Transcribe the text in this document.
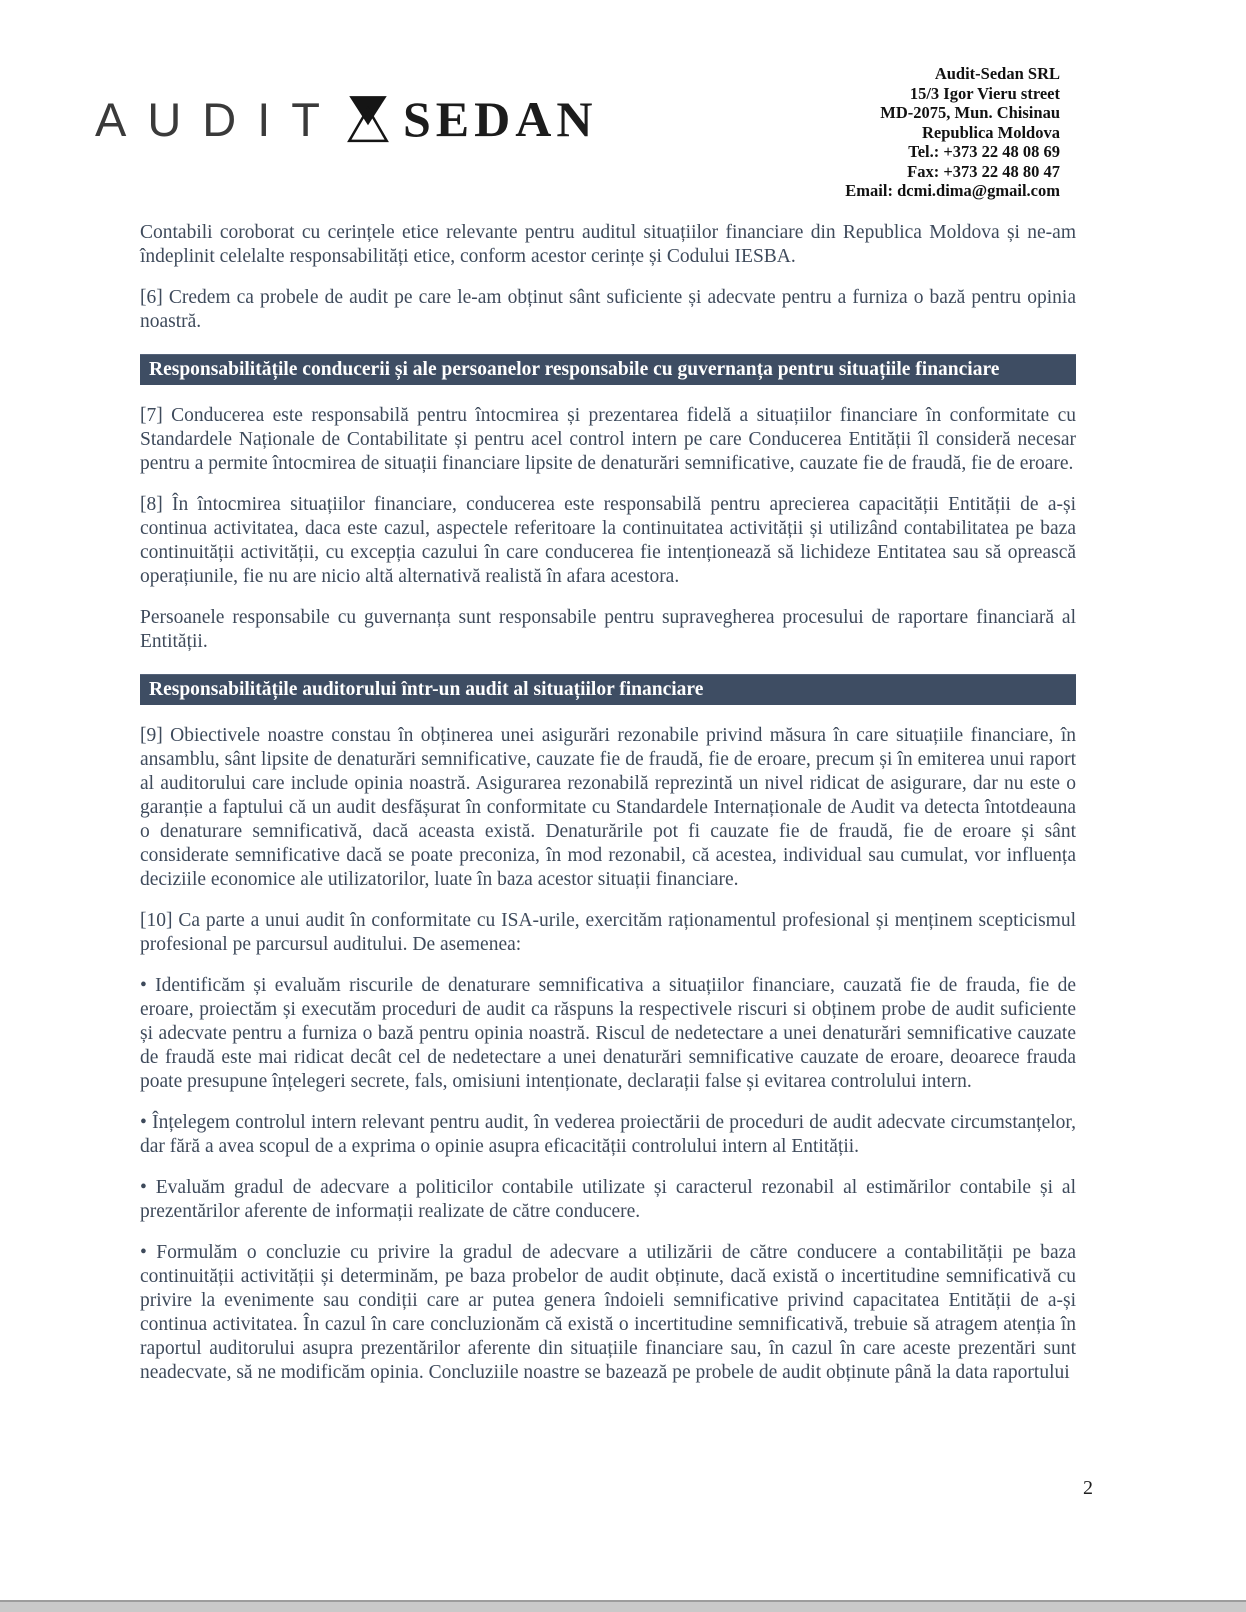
AUDIT SEDAN
Audit-Sedan SRL
15/3 Igor Vieru street
MD-2075, Mun. Chisinau
Republica Moldova
Tel.: +373 22 48 08 69
Fax: +373 22 48 80 47
Email: dcmi.dima@gmail.com
Contabili coroborat cu cerințele etice relevante pentru auditul situațiilor financiare din Republica Moldova și ne-am îndeplinit celelalte responsabilități etice, conform acestor cerințe și Codului IESBA.
[6] Credem ca probele de audit pe care le-am obținut sânt suficiente și adecvate pentru a furniza o bază pentru opinia noastră.
Responsabilitățile conducerii și ale persoanelor responsabile cu guvernanța pentru situațiile financiare
[7] Conducerea este responsabilă pentru întocmirea și prezentarea fidelă a situațiilor financiare în conformitate cu Standardele Naționale de Contabilitate și pentru acel control intern pe care Conducerea Entității îl consideră necesar pentru a permite întocmirea de situații financiare lipsite de denaturări semnificative, cauzate fie de fraudă, fie de eroare.
[8] În întocmirea situațiilor financiare, conducerea este responsabilă pentru aprecierea capacității Entității de a-și continua activitatea, daca este cazul, aspectele referitoare la continuitatea activității și utilizând contabilitatea pe baza continuității activității, cu excepția cazului în care conducerea fie intenționează să lichideze Entitatea sau să oprească operațiunile, fie nu are nicio altă alternativă realistă în afara acestora.
Persoanele responsabile cu guvernanța sunt responsabile pentru supravegherea procesului de raportare financiară al Entității.
Responsabilitățile auditorului într-un audit al situațiilor financiare
[9] Obiectivele noastre constau în obținerea unei asigurări rezonabile privind măsura în care situațiile financiare, în ansamblu, sânt lipsite de denaturări semnificative, cauzate fie de fraudă, fie de eroare, precum și în emiterea unui raport al auditorului care include opinia noastră. Asigurarea rezonabilă reprezintă un nivel ridicat de asigurare, dar nu este o garanție a faptului că un audit desfășurat în conformitate cu Standardele Internaționale de Audit va detecta întotdeauna o denaturare semnificativă, dacă aceasta există. Denaturările pot fi cauzate fie de fraudă, fie de eroare și sânt considerate semnificative dacă se poate preconiza, în mod rezonabil, că acestea, individual sau cumulat, vor influența deciziile economice ale utilizatorilor, luate în baza acestor situații financiare.
[10] Ca parte a unui audit în conformitate cu ISA-urile, exercităm raționamentul profesional și menținem scepticismul profesional pe parcursul auditului. De asemenea:
• Identificăm și evaluăm riscurile de denaturare semnificativa a situațiilor financiare, cauzată fie de frauda, fie de eroare, proiectăm și executăm proceduri de audit ca răspuns la respectivele riscuri si obținem probe de audit suficiente și adecvate pentru a furniza o bază pentru opinia noastră. Riscul de nedetectare a unei denaturări semnificative cauzate de fraudă este mai ridicat decât cel de nedetectare a unei denaturări semnificative cauzate de eroare, deoarece frauda poate presupune înțelegeri secrete, fals, omisiuni intenționate, declarații false și evitarea controlului intern.
• Înțelegem controlul intern relevant pentru audit, în vederea proiectării de proceduri de audit adecvate circumstanțelor, dar fără a avea scopul de a exprima o opinie asupra eficacității controlului intern al Entității.
• Evaluăm gradul de adecvare a politicilor contabile utilizate și caracterul rezonabil al estimărilor contabile și al prezentărilor aferente de informații realizate de către conducere.
• Formulăm o concluzie cu privire la gradul de adecvare a utilizării de către conducere a contabilității pe baza continuității activității și determinăm, pe baza probelor de audit obținute, dacă există o incertitudine semnificativă cu privire la evenimente sau condiții care ar putea genera îndoieli semnificative privind capacitatea Entității de a-și continua activitatea. În cazul în care concluzionăm că există o incertitudine semnificativă, trebuie să atragem atenția în raportul auditorului asupra prezentărilor aferente din situațiile financiare sau, în cazul în care aceste prezentări sunt neadecvate, să ne modificăm opinia. Concluziile noastre se bazează pe probele de audit obținute până la data raportului
2
